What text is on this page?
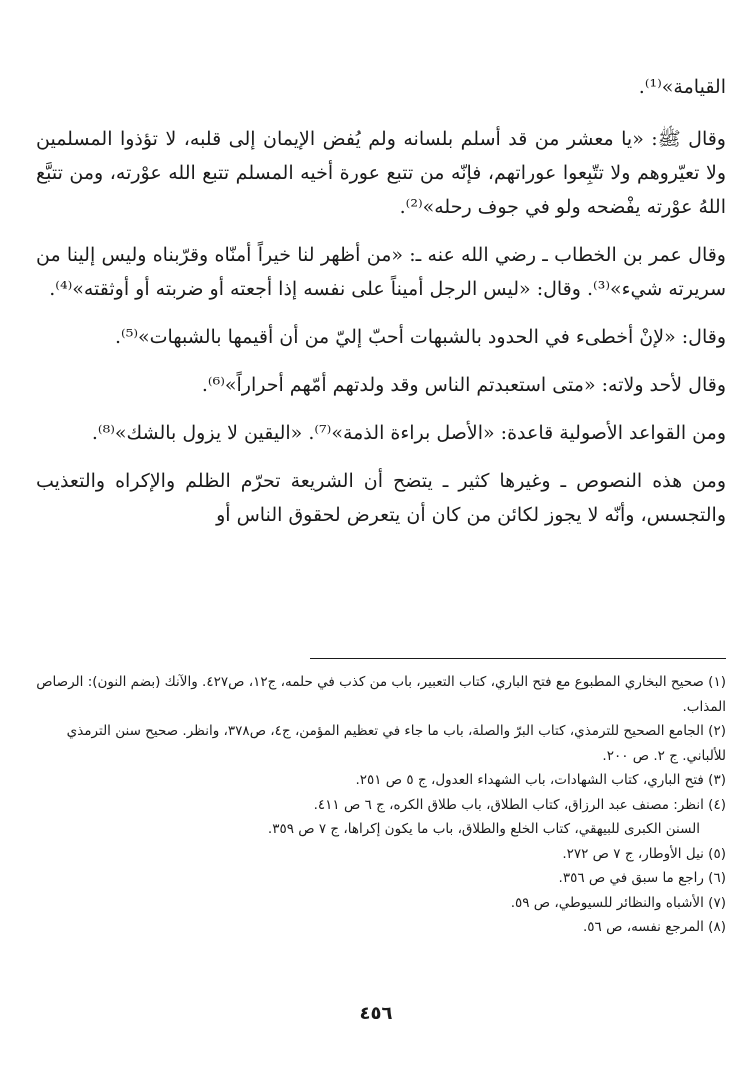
القيامة»⁽¹⁾.

وقال ﷺ: «يا معشر من قد أسلم بلسانه ولم يُفض الإيمان إلى قلبه، لا تؤذوا المسلمين ولا تعيّروهم ولا تتّبِعوا عوراتهم، فإنّه من تتبع عورة أخيه المسلم تتبع الله عوْرته، ومن تتبَّع اللهُ عوْرته يفْضحه ولو في جوف رحله»⁽²⁾.

وقال عمر بن الخطاب ـ رضي الله عنه ـ: «من أظهر لنا خيراً أمنّاه وقرّبناه وليس إلينا من سريرته شيء»⁽³⁾. وقال: «ليس الرجل أميناً على نفسه إذا أجعته أو ضربته أو أوثقته»⁽⁴⁾.

وقال: «لإنْ أخطىء في الحدود بالشبهات أحبّ إليّ من أن أقيمها بالشبهات»⁽⁵⁾.

وقال لأحد ولاته: «متى استعبدتم الناس وقد ولدتهم أمّهم أحراراً»⁽⁶⁾.

ومن القواعد الأصولية قاعدة: «الأصل براءة الذمة»⁽⁷⁾. «اليقين لا يزول بالشك»⁽⁸⁾.

ومن هذه النصوص ـ وغيرها كثير ـ يتضح أن الشريعة تحرّم الظلم والإكراه والتعذيب والتجسس، وأنّه لا يجوز لكائن من كان أن يتعرض لحقوق الناس أو

(١) صحيح البخاري المطبوع مع فتح الباري، كتاب التعبير، باب من كذب في حلمه، ج١٢، ص٤٢٧. والآنك (بضم النون): الرصاص المذاب.

(٢) الجامع الصحيح للترمذي، كتاب البرّ والصلة، باب ما جاء في تعظيم المؤمن، ج٤، ص٣٧٨، وانظر. صحيح سنن الترمذي للألباني. ج ٢. ص ٢٠٠.

(٣) فتح الباري، كتاب الشهادات، باب الشهداء العدول، ج ٥ ص ٢٥١.

(٤) انظر: مصنف عبد الرزاق، كتاب الطلاق، باب طلاق الكره، ج ٦ ص ٤١١.

السنن الكبرى للبيهقي، كتاب الخلع والطلاق، باب ما يكون إكراها، ج ٧ ص ٣٥٩.

(٥) نيل الأوطار، ج ٧ ص ٢٧٢.

(٦) راجع ما سبق في ص ٣٥٦.

(٧) الأشباه والنظائر للسيوطي، ص ٥٩.

(٨) المرجع نفسه، ص ٥٦.

٤٥٦
